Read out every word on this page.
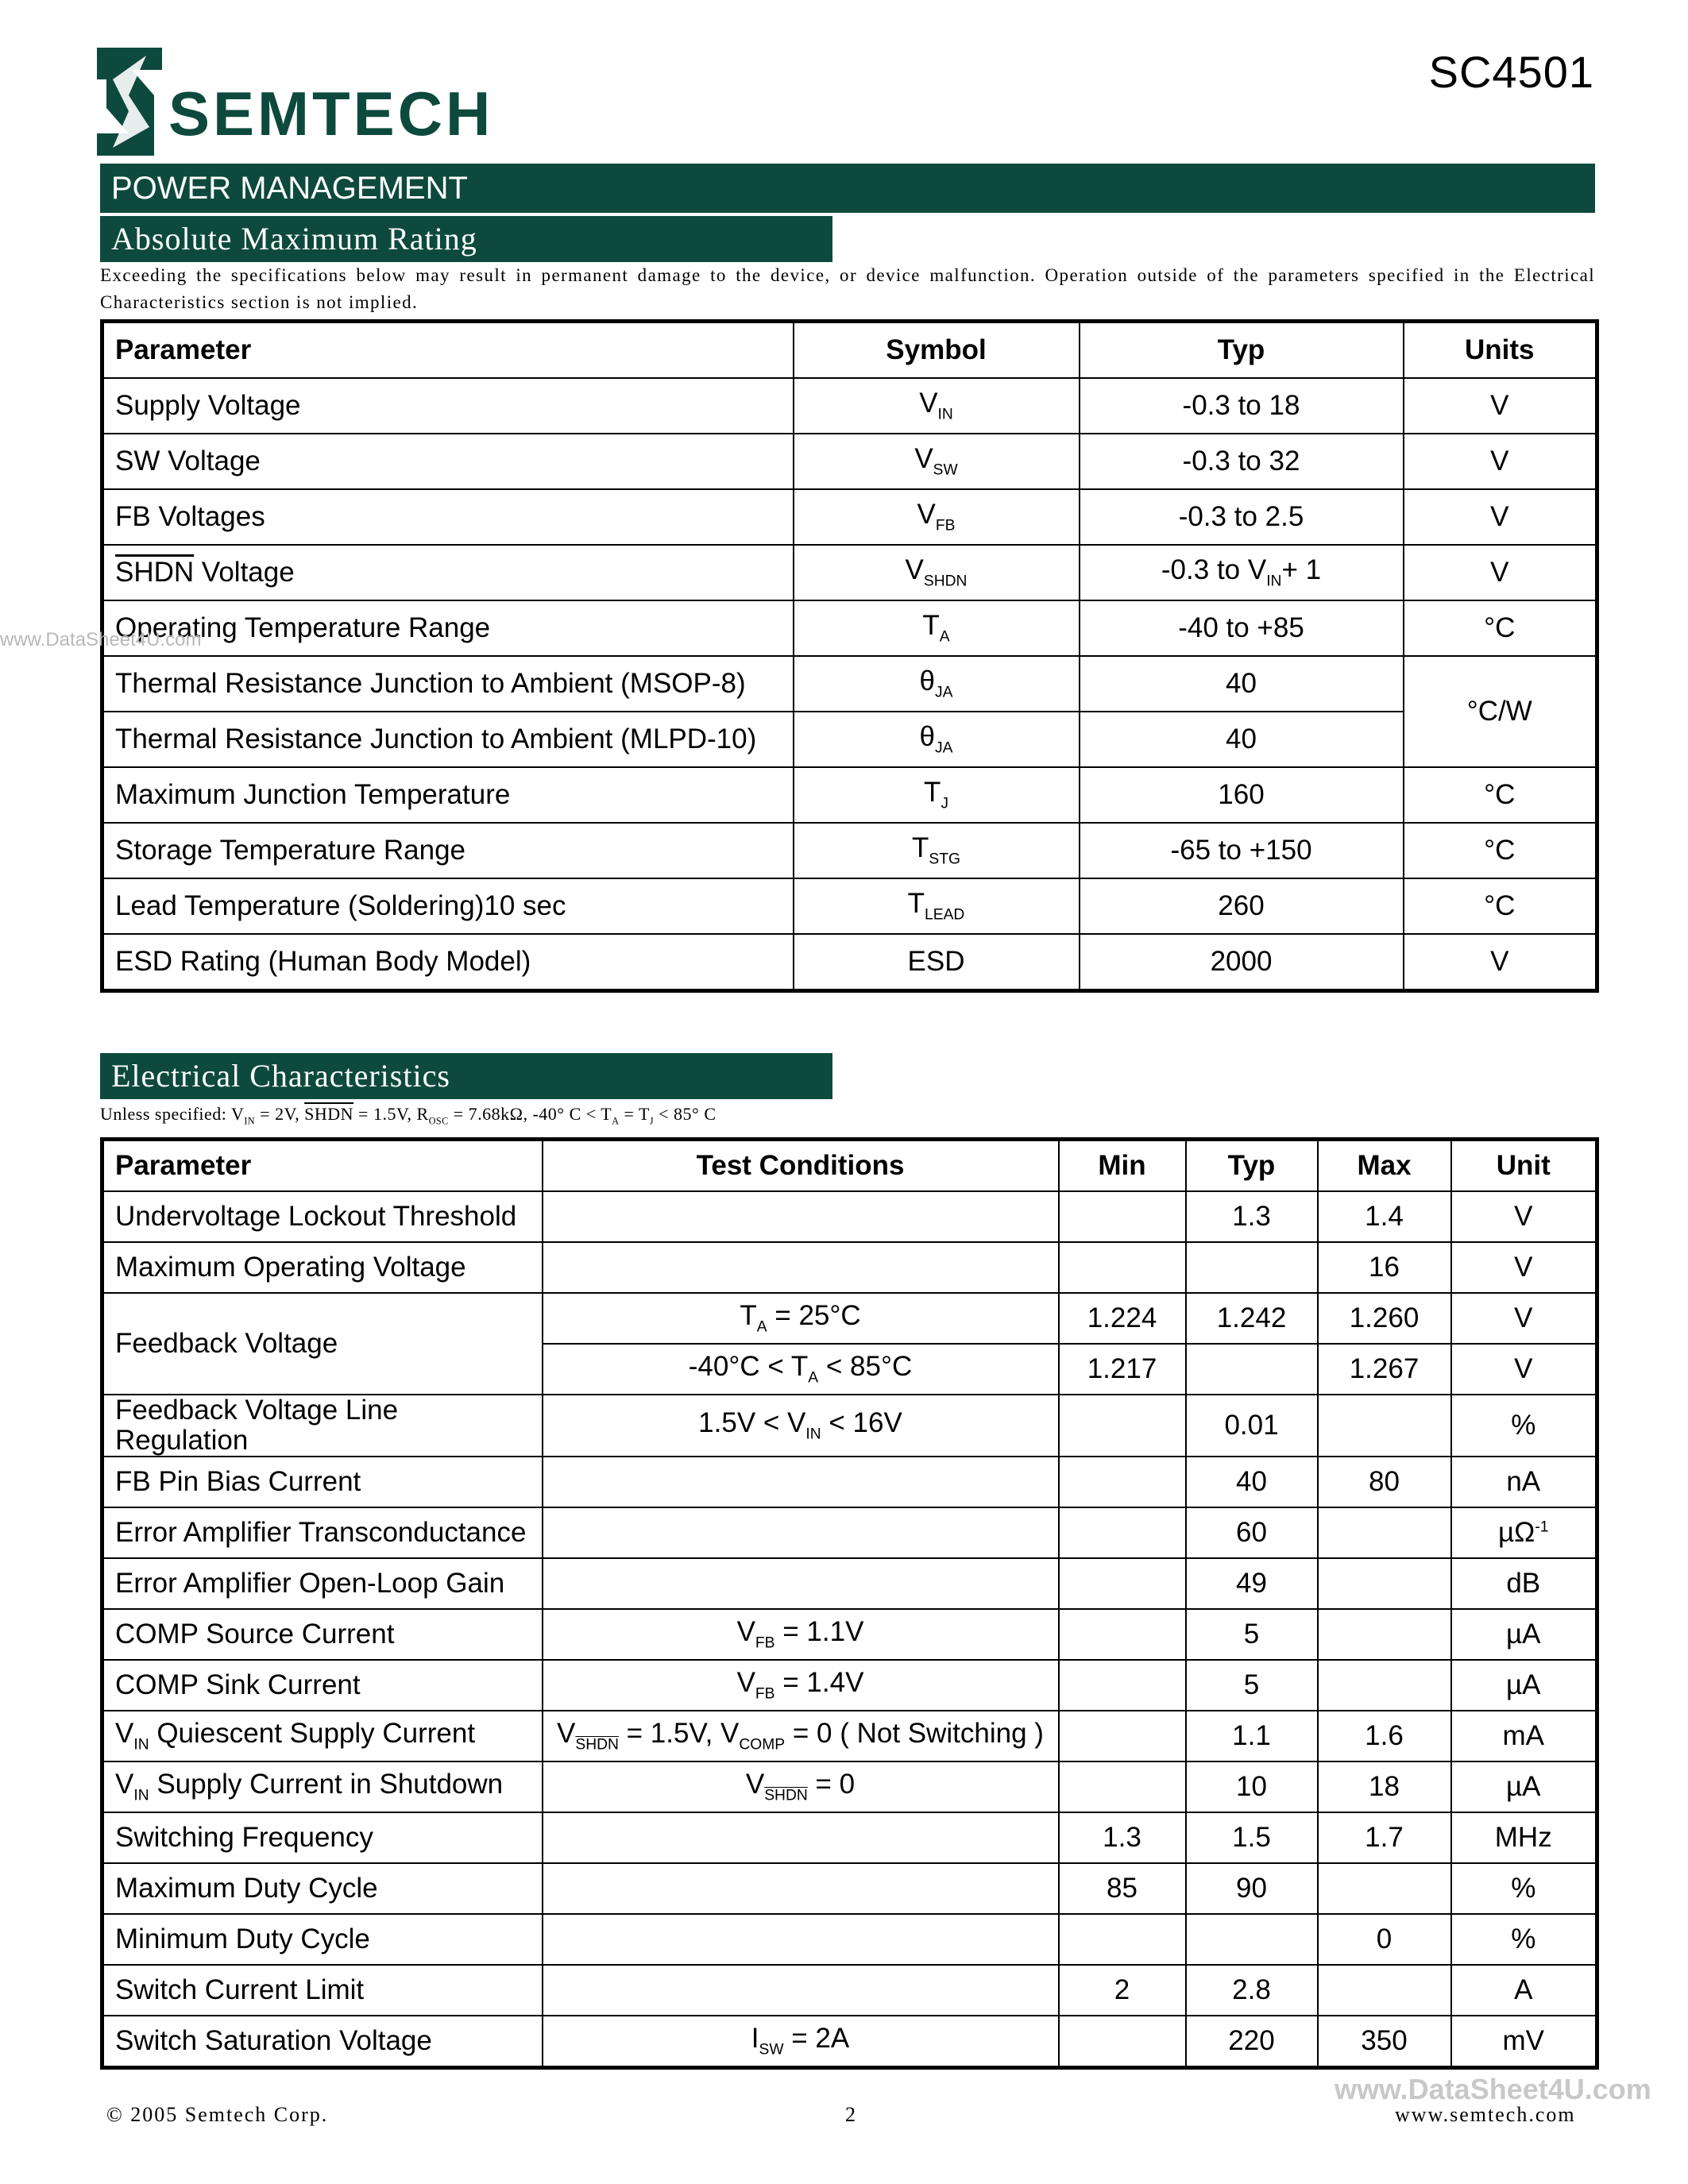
SEMTECH
SC4501
POWER MANAGEMENT
Absolute Maximum Rating
Exceeding the specifications below may result in permanent damage to the device, or device malfunction. Operation outside of the parameters specified in the Electrical Characteristics section is not implied.
Parameter	Symbol	Typ	Units
Supply Voltage	$V_{IN}$	-0.3 to 18	V
SW Voltage	$V_{SW}$	-0.3 to 32	V
FB Voltages	$V_{FB}$	-0.3 to 2.5	V
SHDN Voltage	$V_{SHDN}$	-0.3 to $V_{IN}+ 1$	V
Operating Temperature Range	$T_A$	-40 to +85	°C
Thermal Resistance Junction to Ambient (MSOP-8)	$\theta_{JA}$	40	°C/W
Thermal Resistance Junction to Ambient (MLPD-10)	$\theta_{JA}$	40	
Maximum Junction Temperature	$T_J$	160	°C
Storage Temperature Range	$T_{STG}$	-65 to +150	°C
Lead Temperature (Soldering)10 sec	$T_{LEAD}$	260	°C
ESD Rating (Human Body Model)	ESD	2000	V
Electrical Characteristics
Unless specified: $V_{IN} = 2V$, SHDN = 1.5V, $R_{OSC} = 7.68k\Omega$, -40° $C < T_A = T_J < 85^\circ$ C
Parameter	Test Conditions	Min	Typ	Max	Unit
Undervoltage Lockout Threshold			1.3	1.4	V
Maximum Operating Voltage				16	V
Feedback Voltage	$T_A = 25^\circ C$	1.224	1.242	1.260	V
	$-40^\circ C < T_A < 85^\circ C$	1.217		1.267	V
Feedback Voltage Line Regulation	$1.5V < V_{IN} < 16V$		0.01		%
FB Pin Bias Current			40	80	nA
Error Amplifier Transconductance			60		µΩ$^{-1}$
Error Amplifier Open-Loop Gain			49		dB
COMP Source Current	$V_{FB} = 1.1V$		5		µA
COMP Sink Current	$V_{FB} = 1.4V$		5		µA
$V_{IN}$ Quiescent Supply Current	$V_{SHDN} = 1.5V$, $V_{COMP} = 0$ ( Not Switching )		1.1	1.6	mA
$V_{IN}$ Supply Current in Shutdown	$V_{SHDN} = 0$		10	18	µA
Switching Frequency		1.3	1.5	1.7	MHz
Maximum Duty Cycle		85	90		%
Minimum Duty Cycle				0	%
Switch Current Limit		2	2.8		A
Switch Saturation Voltage	$I_{SW} = 2A$		220	350	mV
www.DataSheet4U.com
www.DataSheet4U.com
© 2005 Semtech Corp.	2	www.semtech.com
